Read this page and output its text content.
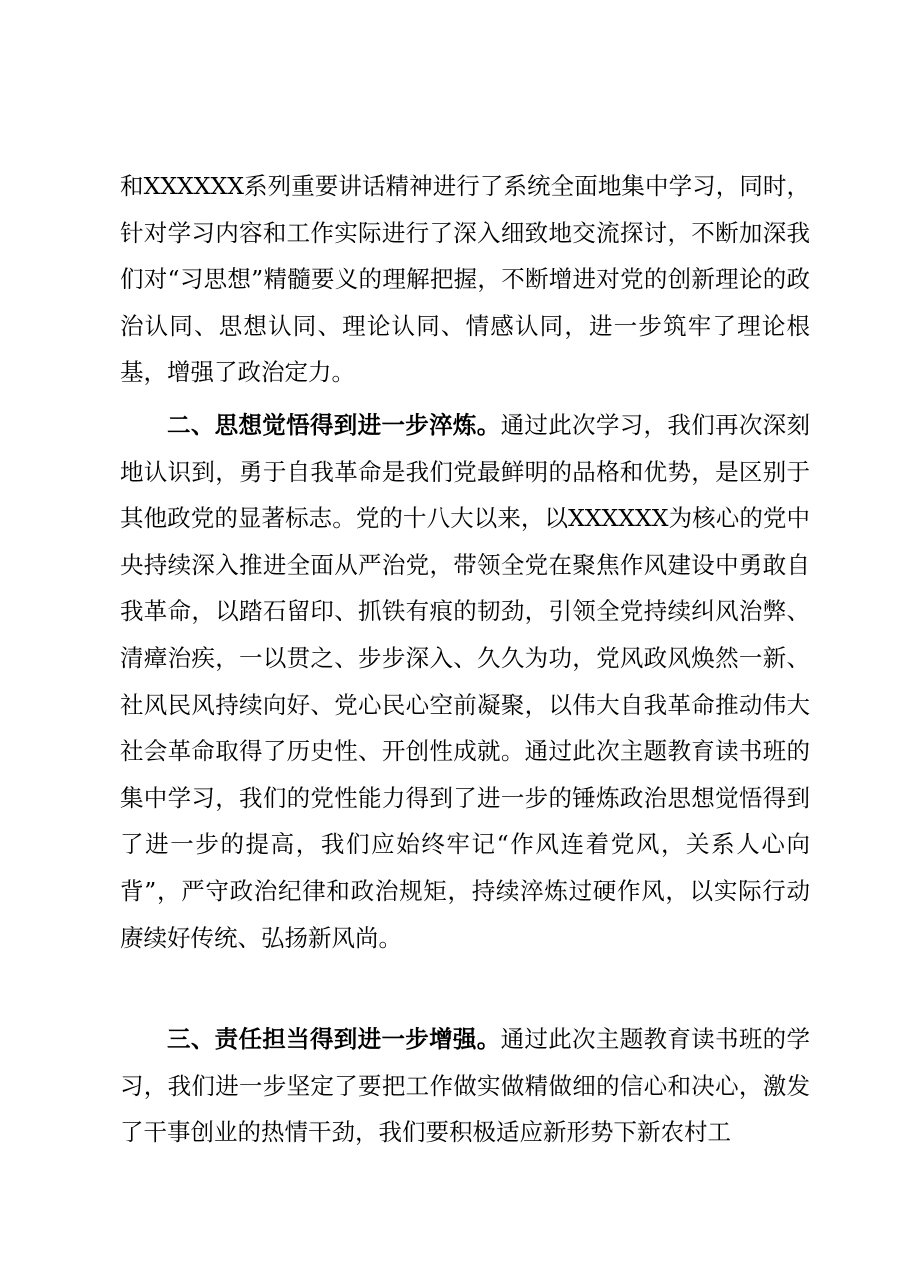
和XXXXXX系列重要讲话精神进行了系统全面地集中学习，同时，针对学习内容和工作实际进行了深入细致地交流探讨，不断加深我们对“习思想”精髓要义的理解把握，不断增进对党的创新理论的政治认同、思想认同、理论认同、情感认同，进一步筑牢了理论根基，增强了政治定力。

二、思想觉悟得到进一步淬炼。通过此次学习，我们再次深刻地认识到，勇于自我革命是我们党最鲜明的品格和优势，是区别于其他政党的显著标志。党的十八大以来，以XXXXXX为核心的党中央持续深入推进全面从严治党，带领全党在聚焦作风建设中勇敢自我革命，以踏石留印、抓铁有痕的韧劲，引领全党持续纠风治弊、清瘴治疾，一以贯之、步步深入、久久为功，党风政风焕然一新、社风民风持续向好、党心民心空前凝聚，以伟大自我革命推动伟大社会革命取得了历史性、开创性成就。通过此次主题教育读书班的集中学习，我们的党性能力得到了进一步的锤炼政治思想觉悟得到了进一步的提高，我们应始终牢记“作风连着党风，关系人心向背”，严守政治纪律和政治规矩，持续淬炼过硬作风，以实际行动赓续好传统、弘扬新风尚。

三、责任担当得到进一步增强。通过此次主题教育读书班的学习，我们进一步坚定了要把工作做实做精做细的信心和决心，激发了干事创业的热情干劲，我们要积极适应新形势下新农村工
